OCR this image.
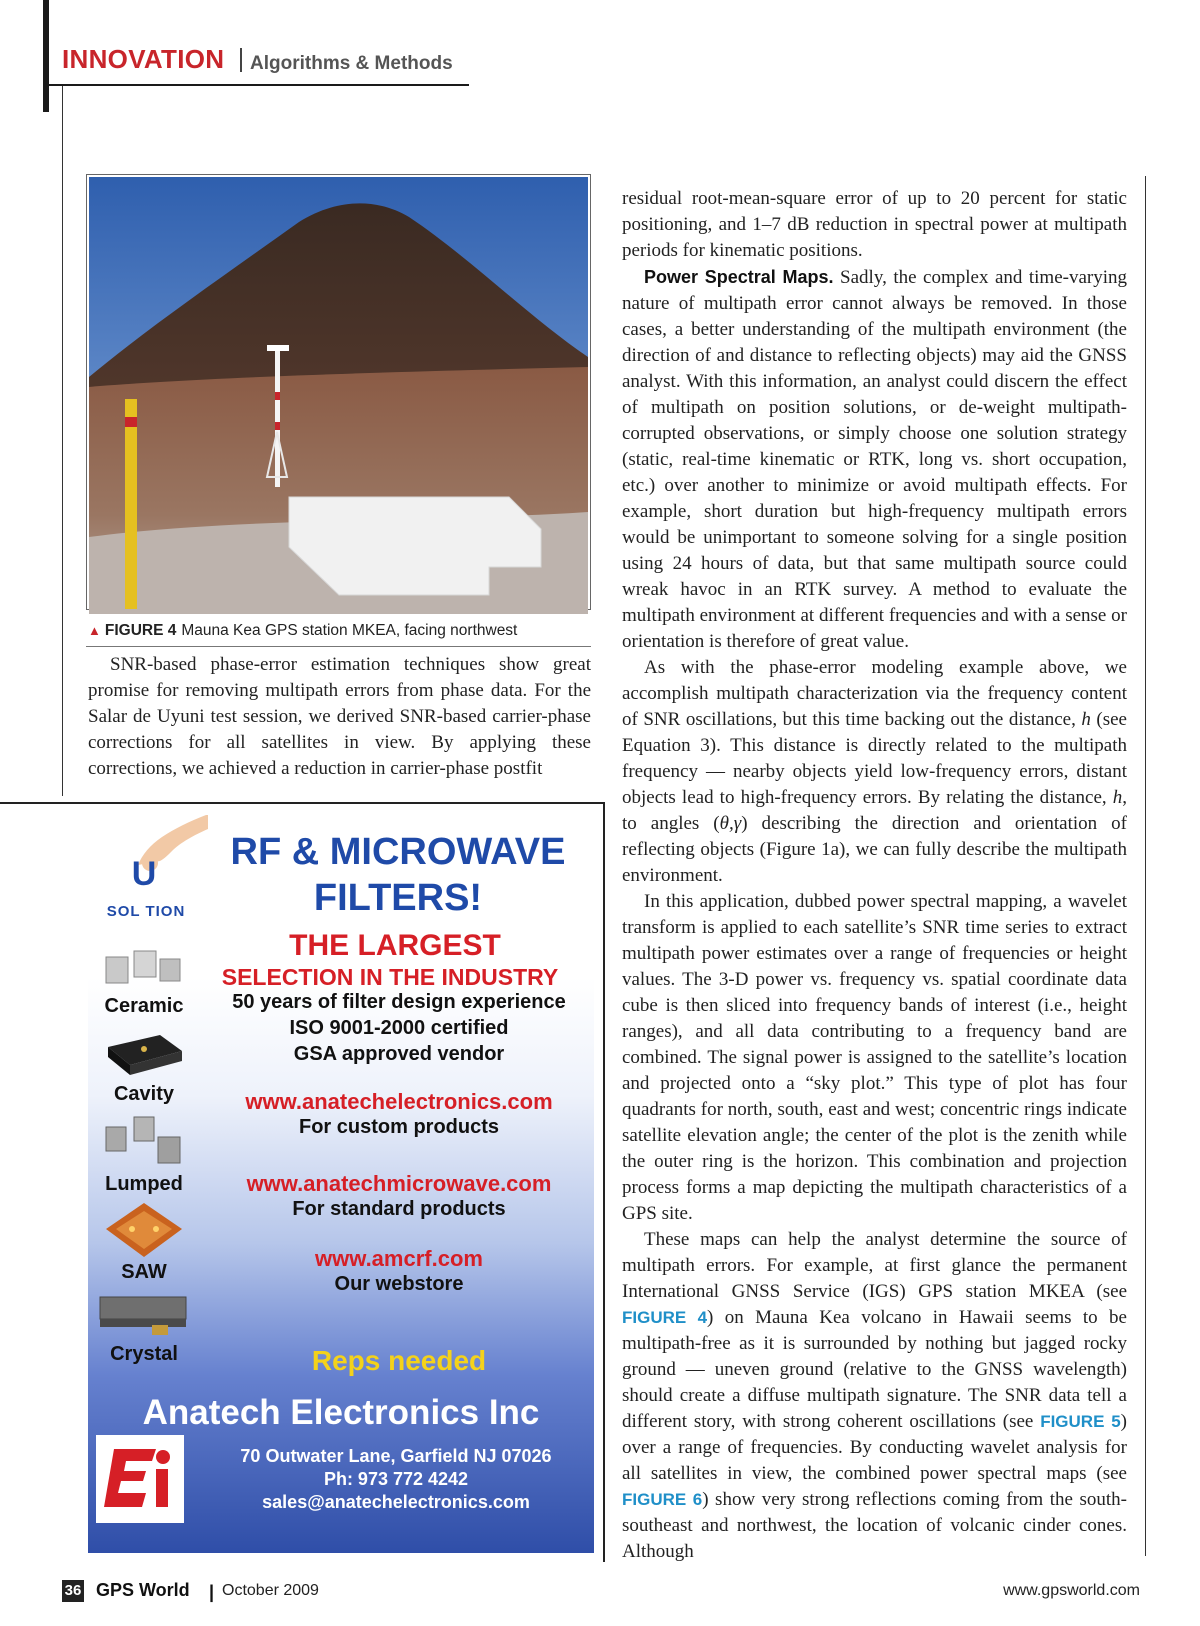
INNOVATION Algorithms & Methods
▲ FIGURE 4 Mauna Kea GPS station MKEA, facing northwest

SNR-based phase-error estimation techniques show great promise for removing multipath errors from phase data. For the Salar de Uyuni test session, we derived SNR-based carrier-phase corrections for all satellites in view. By applying these corrections, we achieved a reduction in carrier-phase postfit

residual root-mean-square error of up to 20 percent for static positioning, and 1–7 dB reduction in spectral power at multipath periods for kinematic positions.

Power Spectral Maps. Sadly, the complex and time-varying nature of multipath error cannot always be removed. In those cases, a better understanding of the multipath environment (the direction of and distance to reflecting objects) may aid the GNSS analyst. With this information, an analyst could discern the effect of multipath on position solutions, or de-weight multipath-corrupted observations, or simply choose one solution strategy (static, real-time kinematic or RTK, long vs. short occupation, etc.) over another to minimize or avoid multipath effects. For example, short duration but high-frequency multipath errors would be unimportant to someone solving for a single position using 24 hours of data, but that same multipath source could wreak havoc in an RTK survey. A method to evaluate the multipath environment at different frequencies and with a sense or orientation is therefore of great value.

As with the phase-error modeling example above, we accomplish multipath characterization via the frequency content of SNR oscillations, but this time backing out the distance, h (see Equation 3). This distance is directly related to the multipath frequency — nearby objects yield low-frequency errors, distant objects lead to high-frequency errors. By relating the distance, h, to angles (θ,γ) describing the direction and orientation of reflecting objects (Figure 1a), we can fully describe the multipath environment.

In this application, dubbed power spectral mapping, a wavelet transform is applied to each satellite’s SNR time series to extract multipath power estimates over a range of frequencies or height values. The 3-D power vs. frequency vs. spatial coordinate data cube is then sliced into frequency bands of interest (i.e., height ranges), and all data contributing to a frequency band are combined. The signal power is assigned to the satellite’s location and projected onto a “sky plot.” This type of plot has four quadrants for north, south, east and west; concentric rings indicate satellite elevation angle; the center of the plot is the zenith while the outer ring is the horizon. This combination and projection process forms a map depicting the multipath characteristics of a GPS site.

These maps can help the analyst determine the source of multipath errors. For example, at first glance the permanent International GNSS Service (IGS) GPS station MKEA (see FIGURE 4) on Mauna Kea volcano in Hawaii seems to be multipath-free as it is surrounded by nothing but jagged rocky ground — uneven ground (relative to the GNSS wavelength) should create a diffuse multipath signature. The SNR data tell a different story, with strong coherent oscillations (see FIGURE 5) over a range of frequencies. By conducting wavelet analysis for all satellites in view, the combined power spectral maps (see FIGURE 6) show very strong reflections coming from the south-southeast and northwest, the location of volcanic cinder cones. Although

U
SOL TION
RF & MICROWAVE
FILTERS!
THE LARGEST
SELECTION IN THE INDUSTRY
50 years of filter design experience
ISO 9001-2000 certified
GSA approved vendor
www.anatechelectronics.com
For custom products
www.anatechmicrowave.com
For standard products
www.amcrf.com
Our webstore
Reps needed
Anatech Electronics Inc
70 Outwater Lane, Garfield NJ 07026
Ph: 973 772 4242
sales@anatechelectronics.com
Ceramic
Cavity
Lumped
SAW
Crystal
36 GPS World | October 2009	www.gpsworld.com
